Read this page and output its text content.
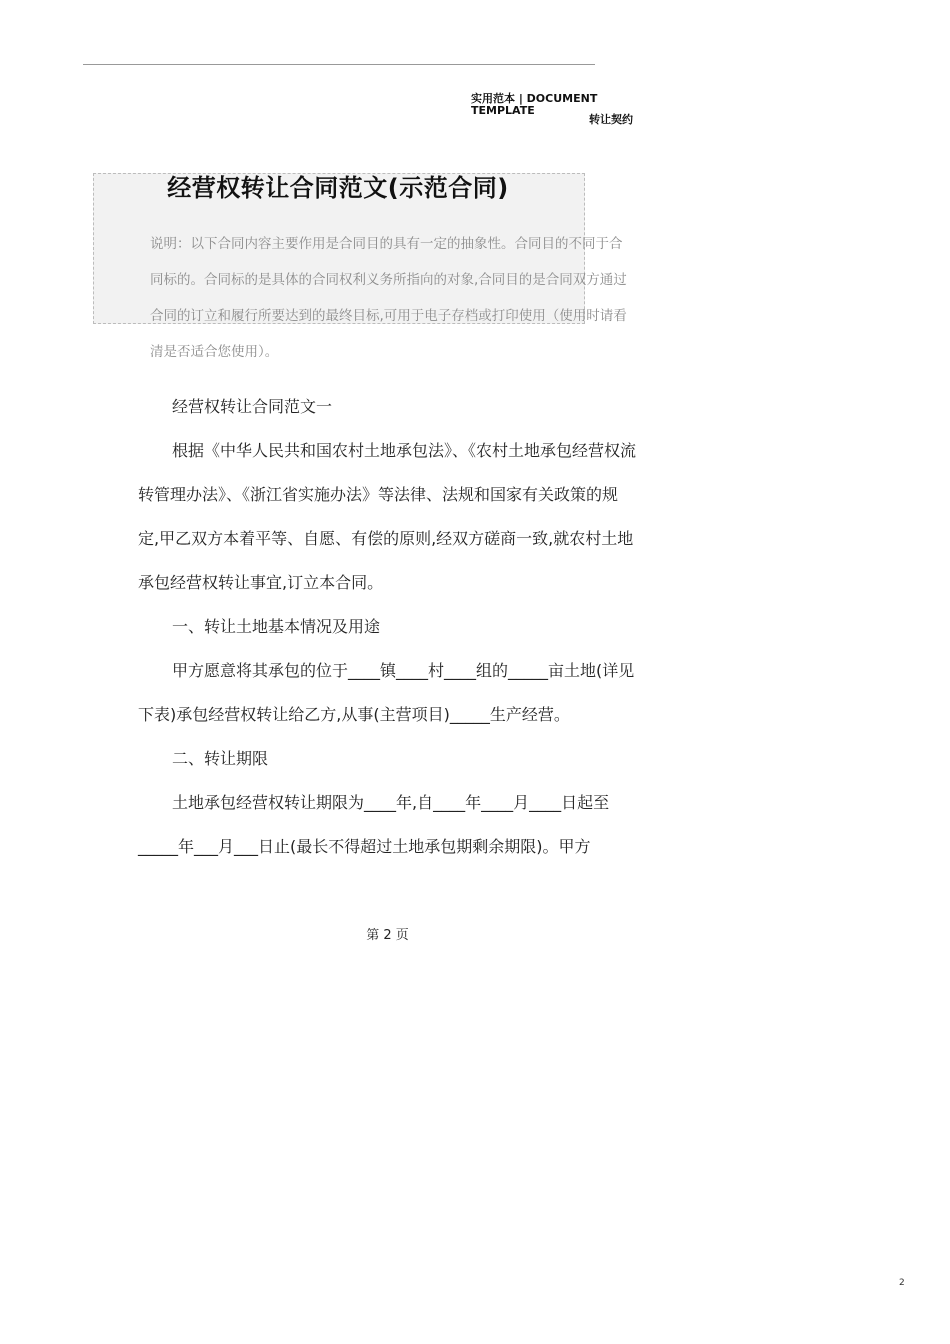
实用范本 | DOCUMENT TEMPLATE
转让契约
经营权转让合同范文(示范合同)
说明：以下合同内容主要作用是合同目的具有一定的抽象性。合同目的不同于合同标的。合同标的是具体的合同权利义务所指向的对象,合同目的是合同双方通过合同的订立和履行所要达到的最终目标,可用于电子存档或打印使用（使用时请看清是否适合您使用）。

经营权转让合同范文一

根据《中华人民共和国农村土地承包法》、《农村土地承包经营权流转管理办法》、《浙江省实施办法》等法律、法规和国家有关政策的规定,甲乙双方本着平等、自愿、有偿的原则,经双方磋商一致,就农村土地承包经营权转让事宜,订立本合同。

一、转让土地基本情况及用途

甲方愿意将其承包的位于____镇____村____组的_____亩土地(详见下表)承包经营权转让给乙方,从事(主营项目)_____生产经营。

二、转让期限

土地承包经营权转让期限为____年,自____年____月____日起至_____年___月___日止(最长不得超过土地承包期剩余期限)。甲方

第 2 页
2
